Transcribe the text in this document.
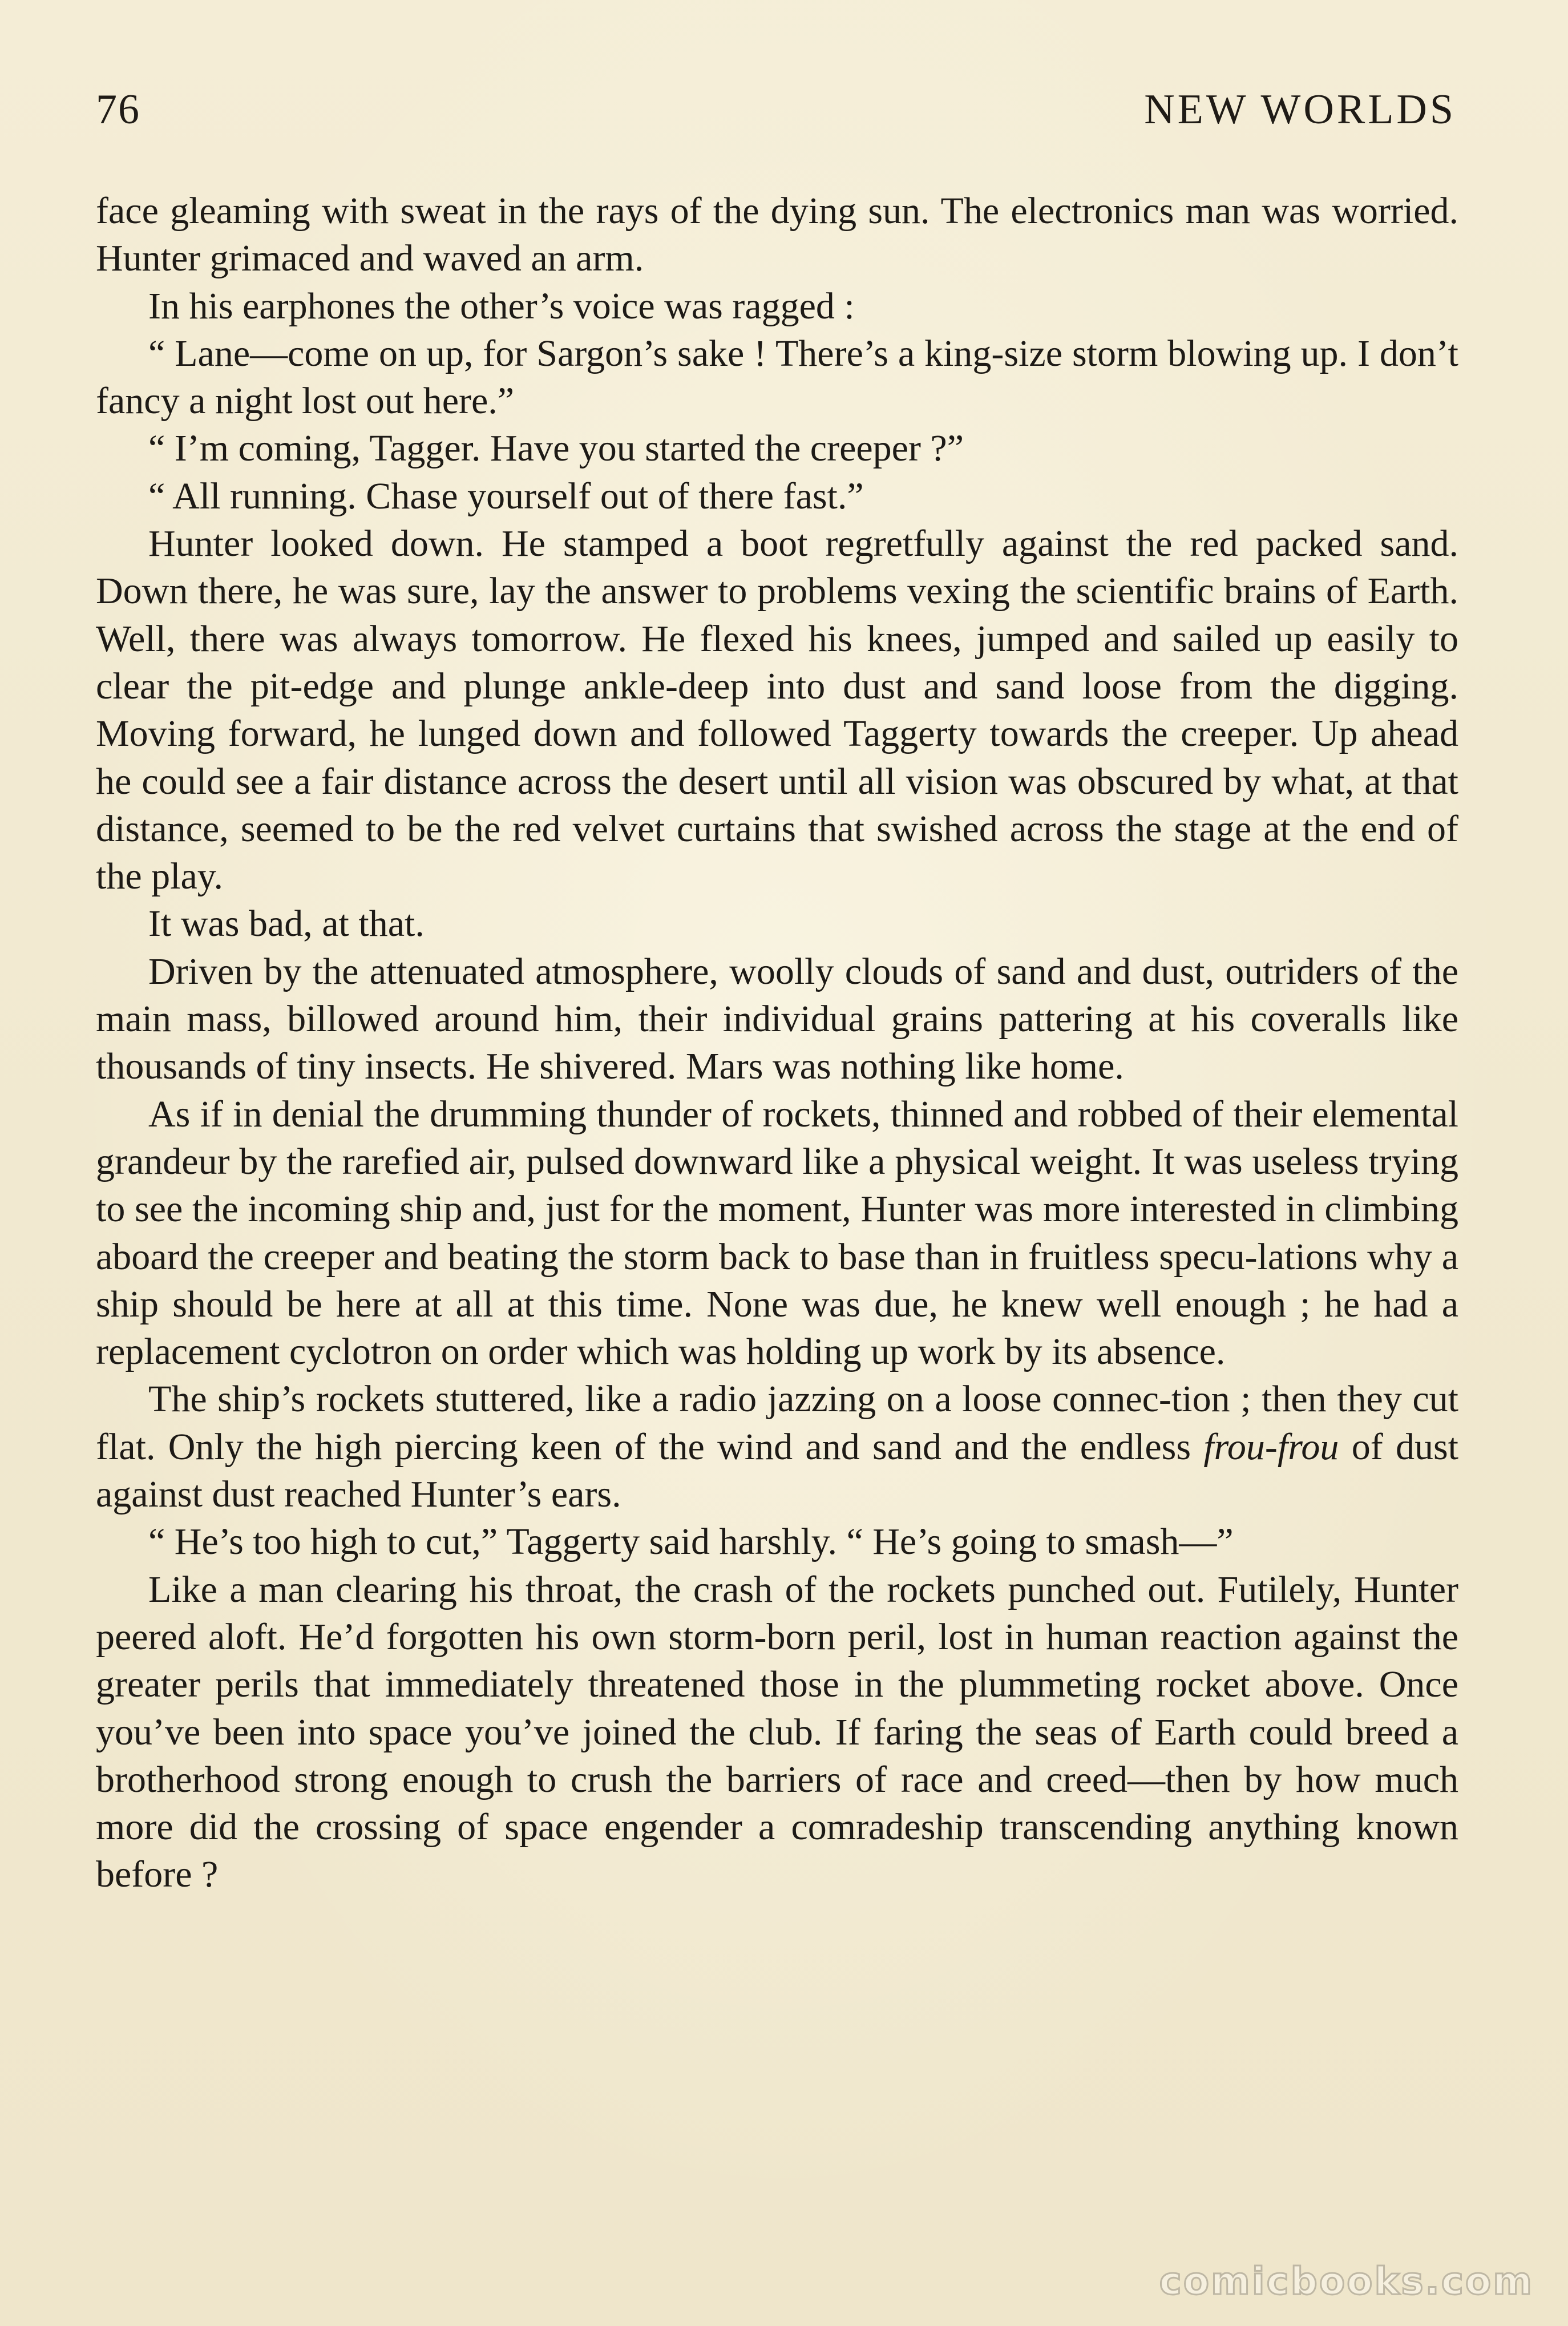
76	NEW WORLDS

face gleaming with sweat in the rays of the dying sun. The electronics man was worried. Hunter grimaced and waved an arm.

In his earphones the other’s voice was ragged :

“ Lane—come on up, for Sargon’s sake ! There’s a king-size storm blowing up. I don’t fancy a night lost out here.”

“ I’m coming, Tagger. Have you started the creeper ?”

“ All running. Chase yourself out of there fast.”

Hunter looked down. He stamped a boot regretfully against the red packed sand. Down there, he was sure, lay the answer to problems vexing the scientific brains of Earth. Well, there was always tomorrow. He flexed his knees, jumped and sailed up easily to clear the pit-edge and plunge ankle-deep into dust and sand loose from the digging. Moving forward, he lunged down and followed Taggerty towards the creeper. Up ahead he could see a fair distance across the desert until all vision was obscured by what, at that distance, seemed to be the red velvet curtains that swished across the stage at the end of the play.

It was bad, at that.

Driven by the attenuated atmosphere, woolly clouds of sand and dust, outriders of the main mass, billowed around him, their individual grains pattering at his coveralls like thousands of tiny insects. He shivered. Mars was nothing like home.

As if in denial the drumming thunder of rockets, thinned and robbed of their elemental grandeur by the rarefied air, pulsed downward like a physical weight. It was useless trying to see the incoming ship and, just for the moment, Hunter was more interested in climbing aboard the creeper and beating the storm back to base than in fruitless specu-lations why a ship should be here at all at this time. None was due, he knew well enough ; he had a replacement cyclotron on order which was holding up work by its absence.

The ship’s rockets stuttered, like a radio jazzing on a loose connec-tion ; then they cut flat. Only the high piercing keen of the wind and sand and the endless frou-frou of dust against dust reached Hunter’s ears.

“ He’s too high to cut,” Taggerty said harshly. “ He’s going to smash—”

Like a man clearing his throat, the crash of the rockets punched out. Futilely, Hunter peered aloft. He’d forgotten his own storm-born peril, lost in human reaction against the greater perils that immediately threatened those in the plummeting rocket above. Once you’ve been into space you’ve joined the club. If faring the seas of Earth could breed a brotherhood strong enough to crush the barriers of race and creed—then by how much more did the crossing of space engender a comradeship transcending anything known before ?

comicbooks.com
